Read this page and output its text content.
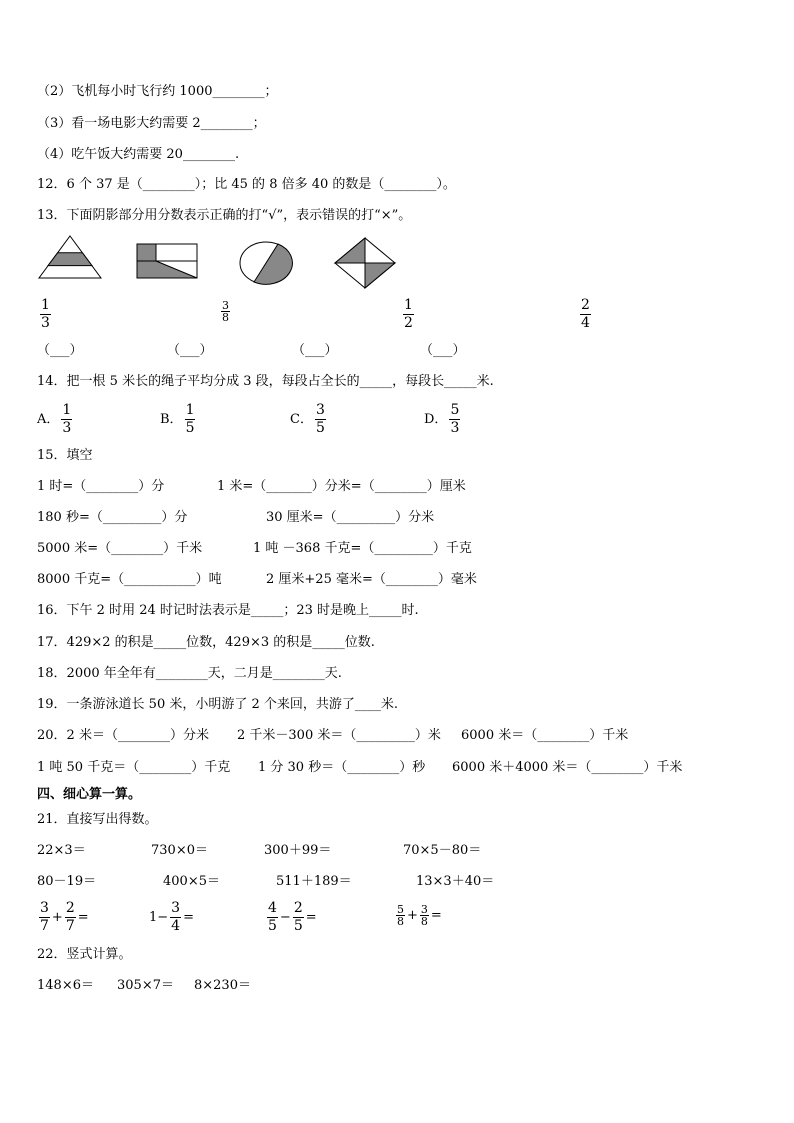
（2）飞机每小时飞行约 1000________；
（3）看一场电影大约需要 2________；
（4）吃午饭大约需要 20________.
12．6 个 37 是（________）；比 45 的 8 倍多 40 的数是（________）。
13．下面阴影部分用分数表示正确的打“√”，表示错误的打“×”。
$\frac{1}{3}$	$\frac{3}{8}$	$\frac{1}{2}$	$\frac{2}{4}$
（___）	（___）	（___）	（___）
14．把一根 5 米长的绳子平均分成 3 段，每段占全长的_____，每段长_____米.
A． $\frac{1}{3}$	B． $\frac{1}{5}$	C． $\frac{3}{5}$	D． $\frac{5}{3}$
15．填空
1 时=（________）分	1 米=（_______）分米=（________）厘米
180 秒=（_________）分	30 厘米=（_________）分米
5000 米=（________）千米	1 吨 －368 千克=（_________）千克
8000 千克=（___________）吨	2 厘米+25 毫米=（________）毫米
16．下午 2 时用 24 时记时法表示是_____；23 时是晚上_____时.
17．429×2 的积是_____位数，429×3 的积是_____位数.
18．2000 年全年有________天，二月是________天.
19．一条游泳道长 50 米，小明游了 2 个来回，共游了____米.
20．2 米＝（________）分米 2 千米－300 米＝（_________）米 6000 米＝（________）千米
1 吨 50 千克＝（________）千克 1 分 30 秒＝（________）秒 6000 米＋4000 米＝（________）千米
四、细心算一算。
21．直接写出得数。
22×3＝	730×0＝	300＋99＝	70×5－80＝
80－19＝	400×5＝	511＋189＝	13×3＋40＝
$\frac{3}{7} + \frac{2}{7}$ =	$1- \frac{3}{4}$ =	$\frac{4}{5} - \frac{2}{5}$ =	$\frac{5}{8} + \frac{3}{8}$ =
22．竖式计算。
148×6＝ 305×7＝ 8×230＝
